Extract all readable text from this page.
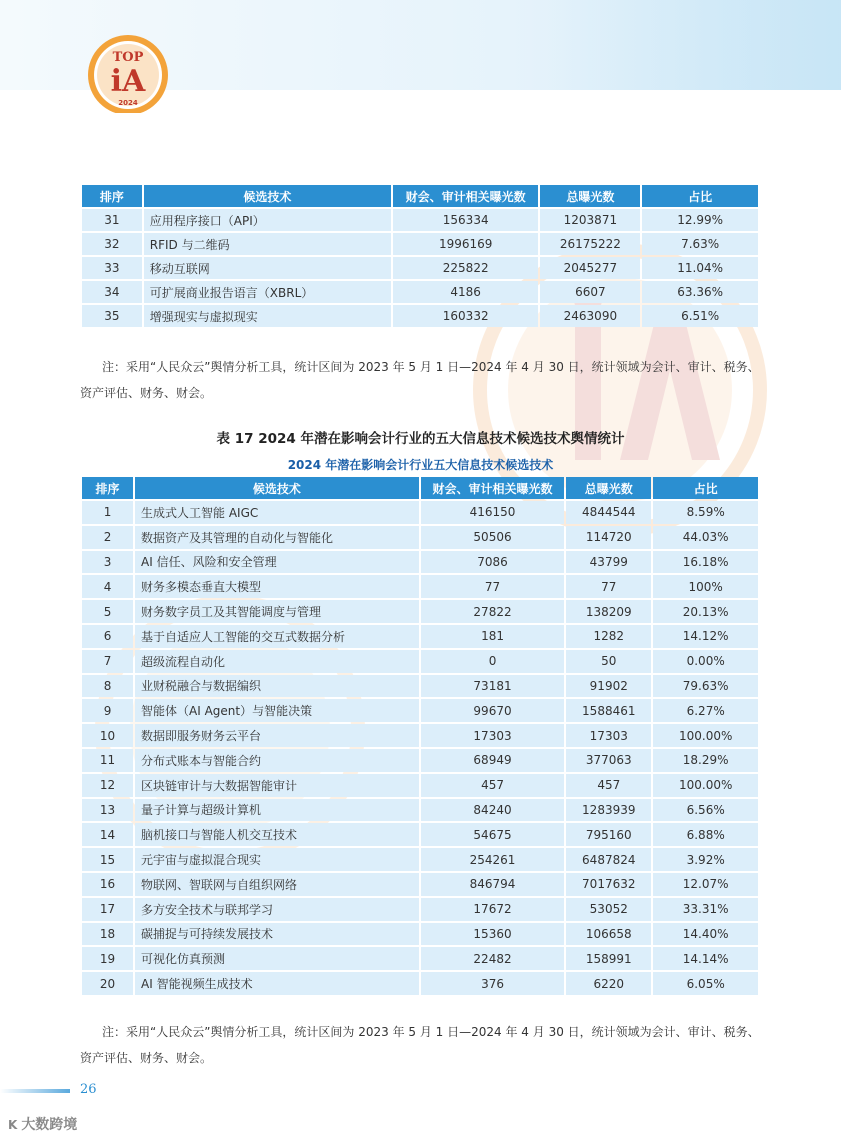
TOP
iA
2024
排序	候选技术	财会、审计相关曝光数	总曝光数	占比
31	应用程序接口（API）	156334	1203871	12.99%
32	RFID 与二维码	1996169	26175222	7.63%
33	移动互联网	225822	2045277	11.04%
34	可扩展商业报告语言（XBRL）	4186	6607	63.36%
35	增强现实与虚拟现实	160332	2463090	6.51%
注：采用“人民众云”舆情分析工具，统计区间为 2023 年 5 月 1 日—2024 年 4 月 30 日，统计领域为会计、审计、税务、
资产评估、财务、财会。
表 17 2024 年潜在影响会计行业的五大信息技术候选技术舆情统计
2024 年潜在影响会计行业五大信息技术候选技术
排序	候选技术	财会、审计相关曝光数	总曝光数	占比
1	生成式人工智能 AIGC	416150	4844544	8.59%
2	数据资产及其管理的自动化与智能化	50506	114720	44.03%
3	AI 信任、风险和安全管理	7086	43799	16.18%
4	财务多模态垂直大模型	77	77	100%
5	财务数字员工及其智能调度与管理	27822	138209	20.13%
6	基于自适应人工智能的交互式数据分析	181	1282	14.12%
7	超级流程自动化	0	50	0.00%
8	业财税融合与数据编织	73181	91902	79.63%
9	智能体（AI Agent）与智能决策	99670	1588461	6.27%
10	数据即服务财务云平台	17303	17303	100.00%
11	分布式账本与智能合约	68949	377063	18.29%
12	区块链审计与大数据智能审计	457	457	100.00%
13	量子计算与超级计算机	84240	1283939	6.56%
14	脑机接口与智能人机交互技术	54675	795160	6.88%
15	元宇宙与虚拟混合现实	254261	6487824	3.92%
16	物联网、智联网与自组织网络	846794	7017632	12.07%
17	多方安全技术与联邦学习	17672	53052	33.31%
18	碳捕捉与可持续发展技术	15360	106658	14.40%
19	可视化仿真预测	22482	158991	14.14%
20	AI 智能视频生成技术	376	6220	6.05%
注：采用“人民众云”舆情分析工具，统计区间为 2023 年 5 月 1 日—2024 年 4 月 30 日，统计领域为会计、审计、税务、
资产评估、财务、财会。
26
K 大数跨境
